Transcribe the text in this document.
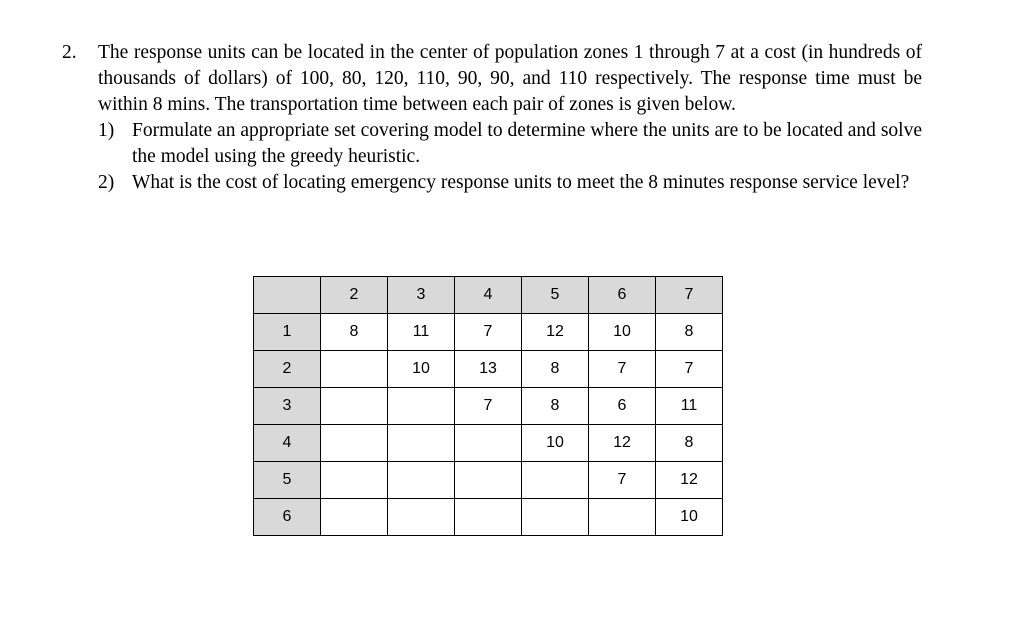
2.	The response units can be located in the center of population zones 1 through 7 at a cost (in hundreds of thousands of dollars) of 100, 80, 120, 110, 90, 90, and 110 respectively. The response time must be within 8 mins. The transportation time between each pair of zones is given below.
1) Formulate an appropriate set covering model to determine where the units are to be located and solve the model using the greedy heuristic.
2) What is the cost of locating emergency response units to meet the 8 minutes response service level?
	2	3	4	5	6	7
1	8	11	7	12	10	8
2		10	13	8	7	7
3			7	8	6	11
4				10	12	8
5					7	12
6						10
